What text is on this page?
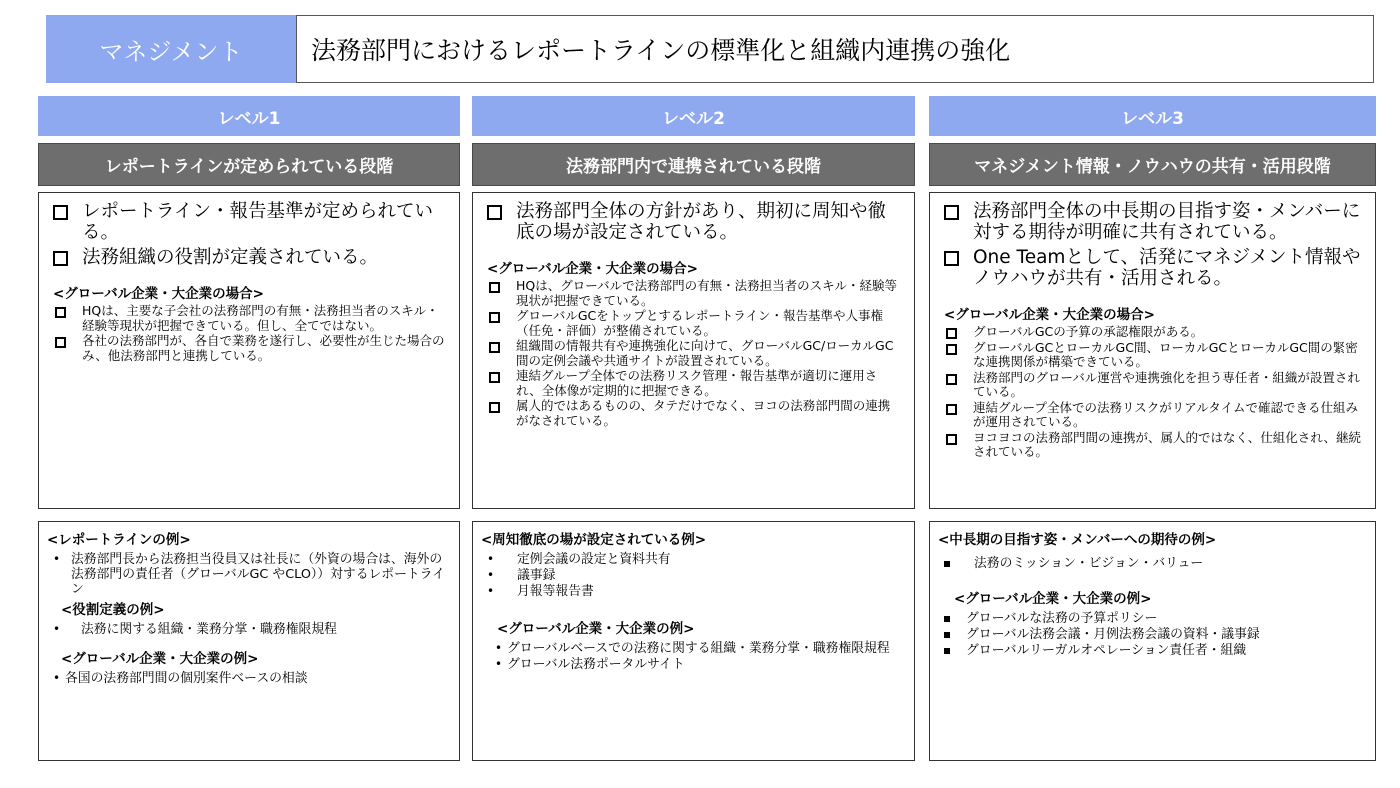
マネジメント	法務部門におけるレポートラインの標準化と組織内連携の強化
レベル1	レベル2	レベル3
レポートラインが定められている段階	法務部門内で連携されている段階	マネジメント情報・ノウハウの共有・活用段階
レポートライン・報告基準が定められている。
法務組織の役割が定義されている。
<グローバル企業・大企業の場合>
HQは、主要な子会社の法務部門の有無・法務担当者のスキル・経験等現状が把握できている。但し、全てではない。
各社の法務部門が、各自で業務を遂行し、必要性が生じた場合のみ、他法務部門と連携している。
法務部門全体の方針があり、期初に周知や徹底の場が設定されている。
<グローバル企業・大企業の場合>
HQは、グローバルで法務部門の有無・法務担当者のスキル・経験等現状が把握できている。
グローバルGCをトップとするレポートライン・報告基準や人事権（任免・評価）が整備されている。
組織間の情報共有や連携強化に向けて、グローバルGC/ローカルGC間の定例会議や共通サイトが設置されている。
連結グループ全体での法務リスク管理・報告基準が適切に運用され、全体像が定期的に把握できる。
属人的ではあるものの、タテだけでなく、ヨコの法務部門間の連携がなされている。
法務部門全体の中長期の目指す姿・メンバーに対する期待が明確に共有されている。
One Teamとして、活発にマネジメント情報やノウハウが共有・活用される。
<グローバル企業・大企業の場合>
グローバルGCの予算の承認権限がある。
グローバルGCとローカルGC間、ローカルGCとローカルGC間の緊密な連携関係が構築できている。
法務部門のグローバル運営や連携強化を担う専任者・組織が設置されている。
連結グループ全体での法務リスクがリアルタイムで確認できる仕組みが運用されている。
ヨコヨコの法務部門間の連携が、属人的ではなく、仕組化され、継続されている。
<レポートラインの例>
• 法務部門長から法務担当役員又は社長に（外資の場合は、海外の法務部門の責任者（グローバルGC やCLO））対するレポートライン
<役割定義の例>
•	法務に関する組織・業務分掌・職務権限規程
<グローバル企業・大企業の例>
• 各国の法務部門間の個別案件ベースの相談
<周知徹底の場が設定されている例>
•	定例会議の設定と資料共有
•	議事録
•	月報等報告書
<グローバル企業・大企業の例>
• グローバルベースでの法務に関する組織・業務分掌・職務権限規程
• グローバル法務ポータルサイト
<中長期の目指す姿・メンバーへの期待の例>
法務のミッション・ビジョン・バリュー
<グローバル企業・大企業の例>
グローバルな法務の予算ポリシー
グローバル法務会議・月例法務会議の資料・議事録
グローバルリーガルオペレーション責任者・組織
